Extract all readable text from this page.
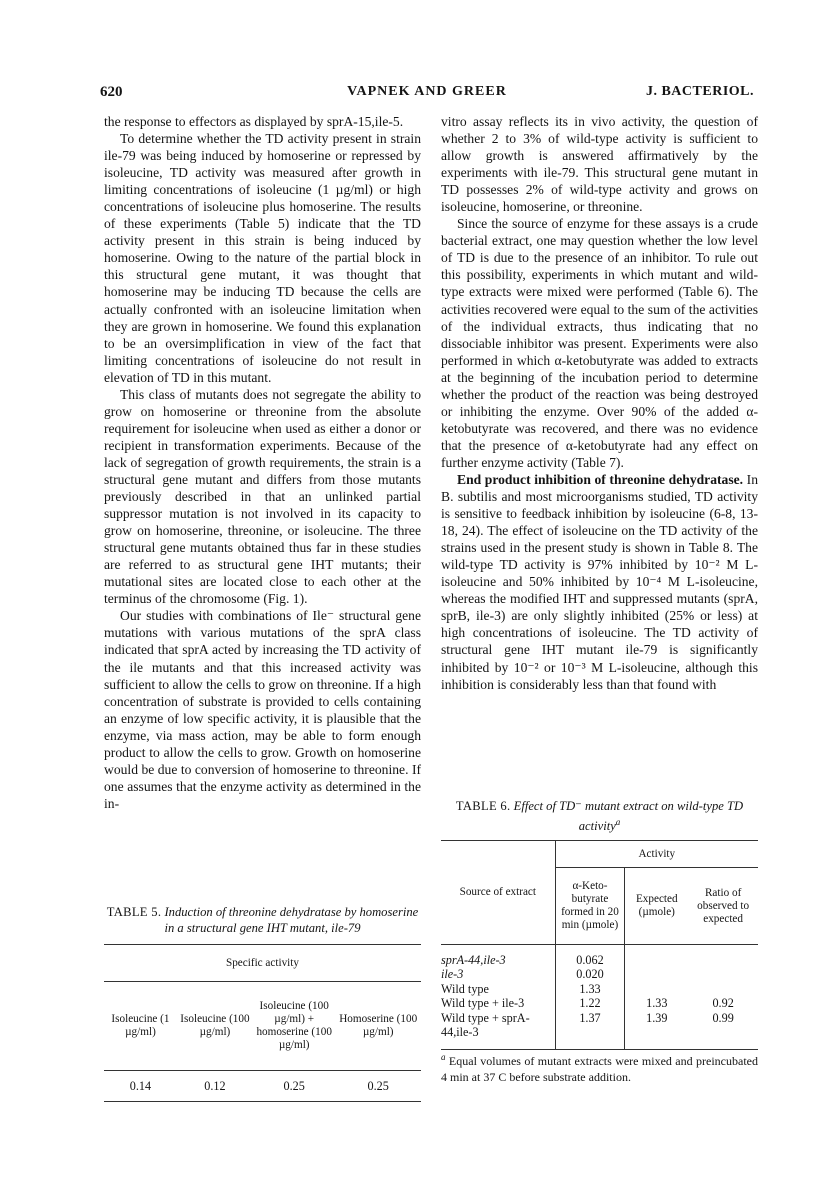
620	VAPNEK AND GREER	J. BACTERIOL.

the response to effectors as displayed by sprA-15,ile-5.

To determine whether the TD activity present in strain ile-79 was being induced by homoserine or repressed by isoleucine, TD activity was measured after growth in limiting concentrations of isoleucine (1 µg/ml) or high concentrations of isoleucine plus homoserine. The results of these experiments (Table 5) indicate that the TD activity present in this strain is being induced by homoserine. Owing to the nature of the partial block in this structural gene mutant, it was thought that homoserine may be inducing TD because the cells are actually confronted with an isoleucine limitation when they are grown in homoserine. We found this explanation to be an oversimplification in view of the fact that limiting concentrations of isoleucine do not result in elevation of TD in this mutant.

This class of mutants does not segregate the ability to grow on homoserine or threonine from the absolute requirement for isoleucine when used as either a donor or recipient in transformation experiments. Because of the lack of segregation of growth requirements, the strain is a structural gene mutant and differs from those mutants previously described in that an unlinked partial suppressor mutation is not involved in its capacity to grow on homoserine, threonine, or isoleucine. The three structural gene mutants obtained thus far in these studies are referred to as structural gene IHT mutants; their mutational sites are located close to each other at the terminus of the chromosome (Fig. 1).

Our studies with combinations of Ile⁻ structural gene mutations with various mutations of the sprA class indicated that sprA acted by increasing the TD activity of the ile mutants and that this increased activity was sufficient to allow the cells to grow on threonine. If a high concentration of substrate is provided to cells containing an enzyme of low specific activity, it is plausible that the enzyme, via mass action, may be able to form enough product to allow the cells to grow. Growth on homoserine would be due to conversion of homoserine to threonine. If one assumes that the enzyme activity as determined in the in-

TABLE 5. Induction of threonine dehydratase by homoserine in a structural gene IHT mutant, ile-79

Specific activity			
Isoleucine (1 µg/ml)	Isoleucine (100 µg/ml)	Isoleucine (100 µg/ml) + homoserine (100 µg/ml)	Homoserine (100 µg/ml)
0.14	0.12	0.25	0.25

vitro assay reflects its in vivo activity, the question of whether 2 to 3% of wild-type activity is sufficient to allow growth is answered affirmatively by the experiments with ile-79. This structural gene mutant in TD possesses 2% of wild-type activity and grows on isoleucine, homoserine, or threonine.

Since the source of enzyme for these assays is a crude bacterial extract, one may question whether the low level of TD is due to the presence of an inhibitor. To rule out this possibility, experiments in which mutant and wild-type extracts were mixed were performed (Table 6). The activities recovered were equal to the sum of the activities of the individual extracts, thus indicating that no dissociable inhibitor was present. Experiments were also performed in which α-ketobutyrate was added to extracts at the beginning of the incubation period to determine whether the product of the reaction was being destroyed or inhibiting the enzyme. Over 90% of the added α-ketobutyrate was recovered, and there was no evidence that the presence of α-ketobutyrate had any effect on further enzyme activity (Table 7).

End product inhibition of threonine dehydratase. In B. subtilis and most microorganisms studied, TD activity is sensitive to feedback inhibition by isoleucine (6-8, 13-18, 24). The effect of isoleucine on the TD activity of the strains used in the present study is shown in Table 8. The wild-type TD activity is 97% inhibited by 10⁻² M L-isoleucine and 50% inhibited by 10⁻⁴ M L-isoleucine, whereas the modified IHT and suppressed mutants (sprA, sprB, ile-3) are only slightly inhibited (25% or less) at high concentrations of isoleucine. The TD activity of structural gene IHT mutant ile-79 is significantly inhibited by 10⁻² or 10⁻³ M L-isoleucine, although this inhibition is considerably less than that found with

TABLE 6. Effect of TD⁻ mutant extract on wild-type TD activity$^a$

Source of extract	Activity		
	α-Keto-butyrate formed in 20 min (µmole)	Expected (µmole)	Ratio of observed to expected
sprA-44,ile-3	0.062		
ile-3	0.020		
Wild type	1.33		
Wild type + ile-3	1.22	1.33	0.92
Wild type + sprA-44,ile-3	1.37	1.39	0.99
$^a$ Equal volumes of mutant extracts were mixed and preincubated 4 min at 37 C before substrate addition.
